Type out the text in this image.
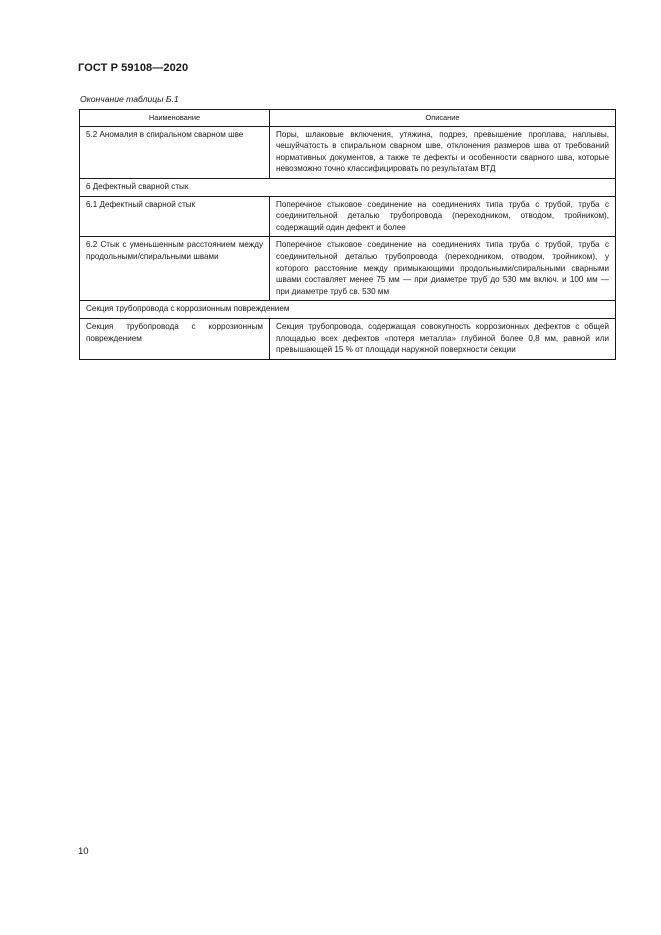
ГОСТ Р 59108—2020
Окончание таблицы Б.1
Наименование	Описание
5.2 Аномалия в спиральном сварном шве	Поры, шлаковые включения, утяжина, подрез, превышение проплава, наплывы, чешуйчатость в спиральном сварном шве, отклонения размеров шва от требований нормативных документов, а также те дефекты и особенности сварного шва, которые невозможно точно классифицировать по результатам ВТД
6 Дефектный сварной стык	
6.1 Дефектный сварной стык	Поперечное стыковое соединение на соединениях типа труба с трубой, труба с соединительной деталью трубопровода (переходником, отводом, тройником), содержащий один дефект и более
6.2 Стык с уменьшенным расстоянием между продольными/спиральными швами	Поперечное стыковое соединение на соединениях типа труба с трубой, труба с соединительной деталью трубопровода (переходником, отводом, тройником), у которого расстояние между примыкающими продольными/спиральными сварными швами составляет менее 75 мм — при диаметре труб до 530 мм включ. и 100 мм — при диаметре труб св. 530 мм
Секция трубопровода с коррозионным повреждением	
Секция трубопровода с коррозионным повреждением	Секция трубопровода, содержащая совокупность коррозионных дефектов с общей площадью всех дефектов «потеря металла» глубиной более 0,8 мм, равной или превышающей 15 % от площади наружной поверхности секции
10
